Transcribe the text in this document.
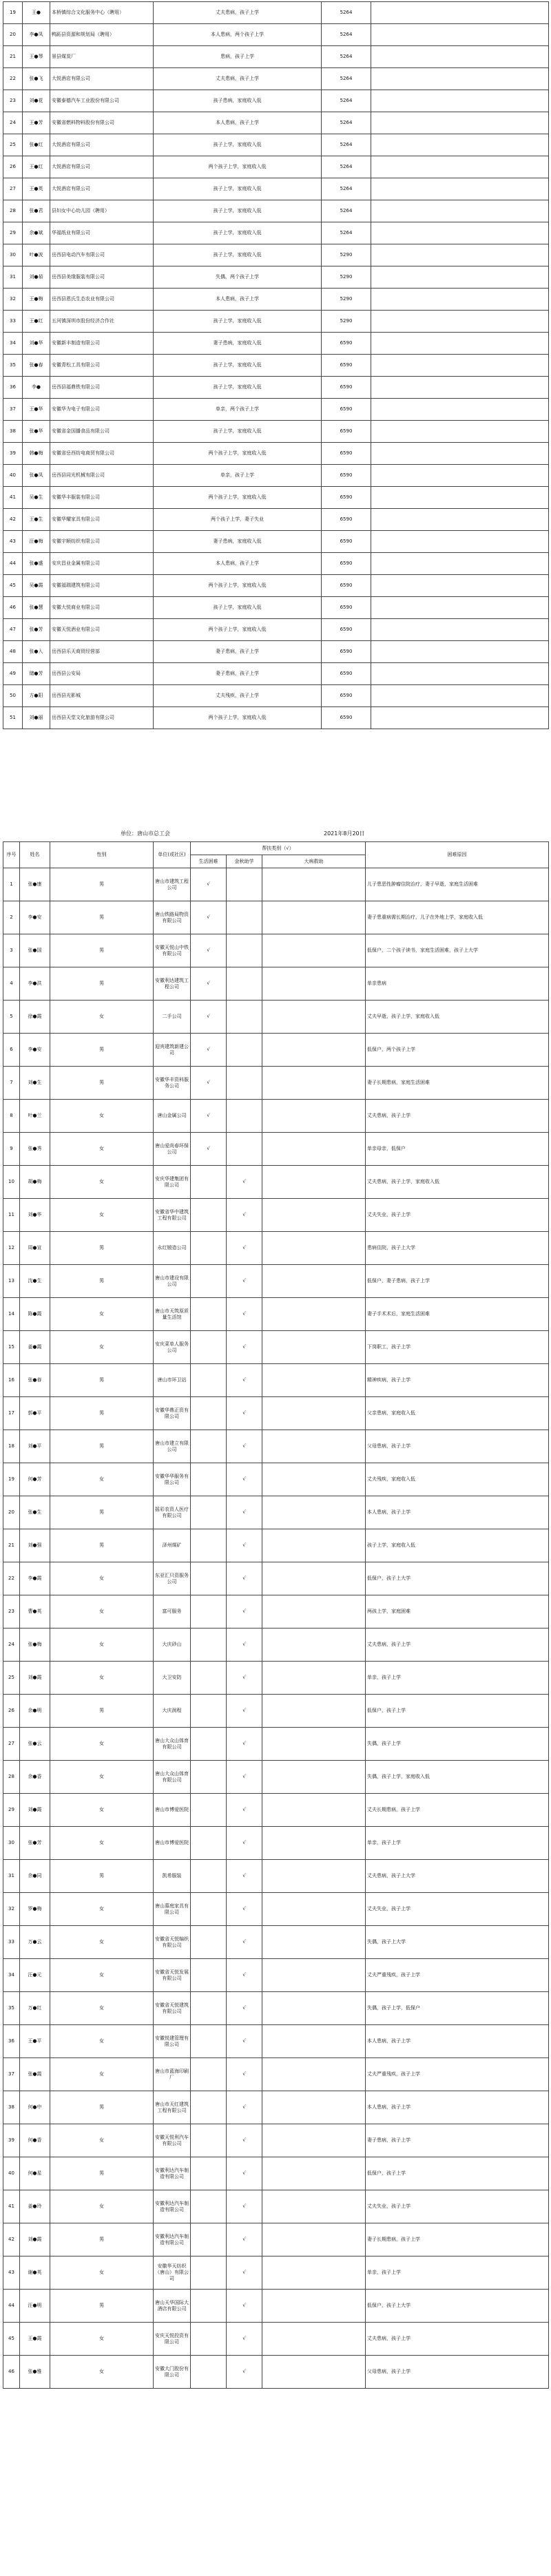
19	王●	本桥镇综合文化服务中心（聘用）	丈夫患病，孩子上学	5264	
20	李●凤	鸭跖县资源和规划局（聘用）	本人患病，两个孩子上学	5264	
21	王●琴	景县煤炭厂	患病，孩子上学	5264	
22	张●飞	大悦酒店有限公司	丈夫患病，孩子上学	5264	
23	刘●花	安徽泰德汽车工业股份有限公司	孩子患病，家庭收入低	5264	
24	王●芳	安徽省燃料物料股份有限公司	本人患病，孩子上学	5264	
25	张●红	大悦酒店有限公司	孩子上学，家庭收入低	5264	
26	王●红	大悦酒店有限公司	两个孩子上学，家庭收入低	5264	
27	王●英	大悦酒店有限公司	孩子上学，家庭收入低	5264	
28	张●君	县妇女中心幼儿园（聘用）	孩子上学，家庭收入低	5264	
29	余●斌	华福纸业有限公司	孩子上学，家庭收入低	5264	
30	叶●波	岳西县电动汽车有限公司	孩子上学，家庭收入低	5290	
31	刘●茹	岳西县美缘服装有限公司	失偶，两个孩子上学	5290	
32	王●梅	岳西县恩氏生态农业有限公司	本人患病，孩子上学	5290	
33	王●红	五河镇深圳市股份经济合作社	孩子上学，家庭收入低	5290	
34	刘●华	安徽新丰制造有限公司	妻子患病，家庭收入低	6590	
35	张●春	安徽青松工具有限公司	孩子上学，家庭收入低	6590	
36	李●	岳西县福鼎铁有限公司	孩子上学，家庭收入低	6590	
37	王●华	安徽华为电子有限公司	单亲，两个孩子上学	6590	
38	张●华	安徽省金国播食品有限公司	孩子上学，家庭收入低	6590	
39	韩●梅	安徽省岳西纺电商贸有限公司	两个孩子上学，家庭收入低	6590	
40	张●凤	岳西县同光机械有限公司	单亲，孩子上学	6590	
41	吴●生	安徽华丰服装有限公司	两个孩子上学，家庭收入低	6590	
42	王●生	安徽华耀家具有限公司	两个孩子上学，妻子失业	6590	
43	汪●梅	安徽宇顺纺织有限公司	妻子患病，家庭收入低	6590	
44	张●盛	安庆昌业金属有限公司	本人患病，孩子上学	6590	
45	吴●霞	安徽福瑞建筑有限公司	两个孩子上学，家庭收入低	6590	
46	张●慧	安徽大悦商业有限公司	孩子上学，家庭收入低	6590	
47	张●芳	安徽天悦酒业有限公司	两个孩子上学，家庭收入低	6590	
48	张●入	岳西县乐天商贸经营部	妻子患病，孩子上学	6590	
49	储●芳	岳西县公安局	妻子患病，孩子上学	6590	
50	方●阳	岳西县光影城	丈夫残疾，孩子上学	6590	
51	刘●丽	岳西县天堂文化旅游有限公司	两个孩子上学，家庭收入低	6590	
单位：唐山市总工会	2021年8月20日
序号	姓名	性别	单位(或社区)	帮扶类别（√）			困难原因
				生活困难	金秋助学	大病救助	
1	张●康	男	唐山市建筑工程公司	√			儿子患恶性肿瘤住院治疗，妻子早逝，家庭生活困难
2	李●安	男	唐山铁路局物资有限公司	√			妻子患重病需长期治疗，儿子在外地上学，家庭收入低
3	张●国	男	安徽天悦山中铁有限公司	√			低保户，二个孩子读书，家庭生活困难，孩子上大学
4	李●洪	男	安徽利达建筑工程公司	√			单亲患病
5	徐●霞	女	二手公司	√			丈夫早逝，孩子上学，家庭收入低
6	李●安	男	迎宾建筑新建公司	√			低保户，两个孩子上学
7	刘●生	男	安徽华丰资料服务公司	√			妻子长期患病，家庭生活困难
8	叶●兰	女	唐山金属公司	√			丈夫患病，孩子上学
9	张●秀	女	唐山爱尚春环保公司	√			单亲母亲，低保户
10	胡●梅	女	安庆华建集团有限公司		√		丈夫患病，孩子上学，家庭收入低
11	刘●华	女	安徽省华中建筑工程有限公司		√		丈夫失业，孩子上学
12	周●宣	男	永红锻造公司		√		患病住院，孩子上大学
13	沈●生	男	唐山市建设有限公司		√		低保户，妻子患病，孩子上学
14	陈●霞	女	唐山市天筑原质量生活馆		√		妻子手术术后，家庭生活困难
15	姜●霞	女	安庆菜单人服务公司		√		下岗职工，孩子上学
16	张●春	男	唐山市环卫站		√		精神疾病，孩子上学
17	郭●平	男	安徽华鼎正资有限公司		√		父亲患病，家庭收入低
18	刘●平	男	唐山市建立有限公司		√		父母患病，孩子上学
19	何●芳	女	安徽华华服务有限公司		√		丈夫残疾，家庭收入低
20	张●生	男	摇彩农资人医疗有限公司		√		本人患病，孩子上学
21	刘●强	男	泽州煤矿		√		孩子上学，家庭收入低
22	李●霞	女	东亚汇只资服务公司		√		低保户，孩子上大学
23	曹●英	女	富可服务		√		两孩上学，家庭困难
24	张●梅	女	大庆砂山		√		丈夫患病，孩子上学
25	刘●霞	女	大卫安防		√		单亲，孩子上学
26	余●明	男	大庆润程		√		低保户，孩子上学
27	张●云	女	唐山大众山体育有限公司		√		失偶，孩子上学
28	余●香	女	唐山大众山体育有限公司		√		失偶，孩子上学，家庭收入低
29	刘●霞	女	唐山市博爱医院		√		丈夫长期患病，孩子上学
30	张●芳	女	唐山市博爱医院		√		单亲，孩子上学
31	余●同	男	凯希服装		√		丈夫患病，孩子上大学
32	罗●梅	女	唐山慕庭家具有限公司		√		丈夫失业，孩子上学
33	万●云	女	安徽省天悦编织有限公司		√		失偶，孩子上大学
34	汪●元	女	安徽省天悦发展有限公司		√		丈夫严重残疾，孩子上学
35	万●红	女	安徽省天悦建筑有限公司		√		失偶，孩子上学，低保户
36	王●平	女	安徽悦建管理有限公司		√		本人患病，孩子上学
37	张●霞	女	唐山市蓝海印刷厂		√		丈夫严重残疾，孩子上学
38	何●中	男	唐山市天红建筑工程有限公司		√		本人患病，孩子上学
39	何●香	女	安徽天悦利汽车有限公司		√		妻子患病，孩子上学
40	何●星	男	安徽利达汽车制造有限公司		√		低保户，孩子上学
41	姜●玲	女	安徽利达汽车制造有限公司		√		丈夫失业，孩子上学
42	刘●霞	男	安徽利达汽车制造有限公司		√		妻子长期患病，孩子上学
43	谢●英	女	安徽华天纺织（唐山）有限公司		√		单亲，孩子上学
44	汪●明	男	唐山天华国际大酒店有限公司		√		低保户，孩子上大学
45	王●霞	女	安庆天悦投资有限公司		√		丈夫患病，孩子上学
46	张●雅	女	安徽大门股份有限公司		√		父母患病，孩子上学
